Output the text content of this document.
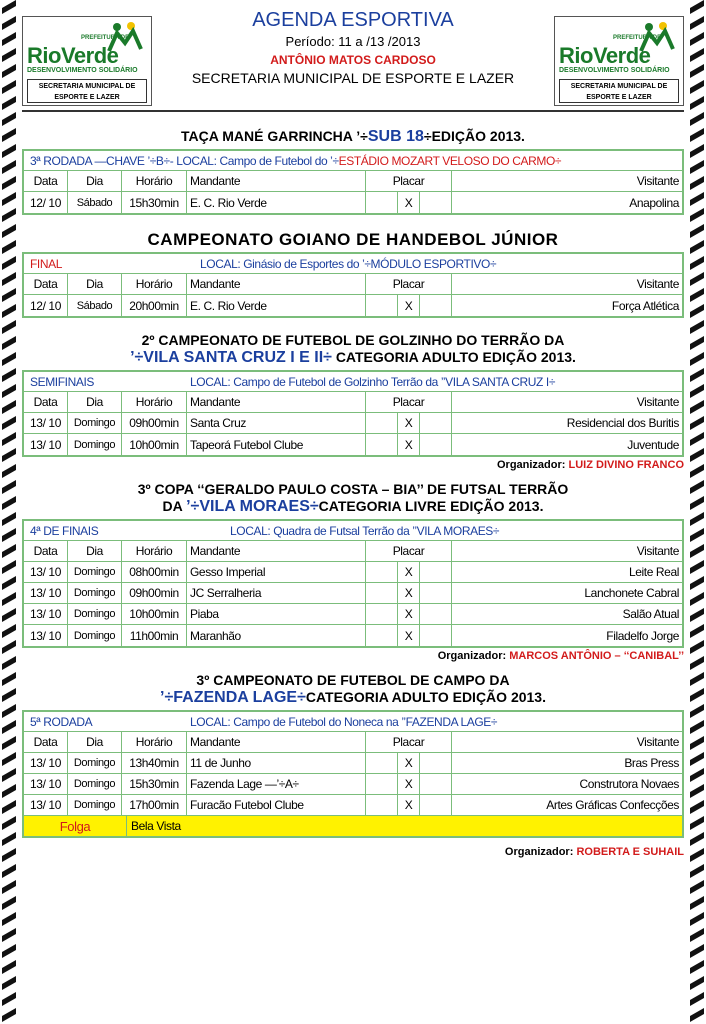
PREFEITURA DE
RioVerde
DESENVOLVIMENTO SOLIDÁRIO
SECRETARIA MUNICIPAL DE ESPORTE E LAZER
AGENDA ESPORTIVA
Período: 11 a /13 /2013
ANTÔNIO MATOS CARDOSO
SECRETARIA MUNICIPAL DE ESPORTE E LAZER
PREFEITURA DE
RioVerde
DESENVOLVIMENTO SOLIDÁRIO
SECRETARIA MUNICIPAL DE ESPORTE E LAZER
TAÇA MANÉ GARRINCHA ’÷SUB 18÷EDIÇÃO 2013.
3ª RODADA —CHAVE ’÷B÷- LOCAL: Campo de Futebol do ’÷ ESTÁDIO MOZART VELOSO DO CARMO÷
Data	Dia	Horário	Mandante	Placar	Visitante
12/ 10	Sábado	15h30min E. C. Rio Verde	X	Anapolina
CAMPEONATO GOIANO DE HANDEBOL JÚNIOR
FINAL	LOCAL: Ginásio de Esportes do ’÷MÓDULO ESPORTIVO÷
Data	Dia	Horário	Mandante	Placar	Visitante
12/ 10	Sábado	20h00min E. C. Rio Verde	X	Força Atlética
2º CAMPEONATO DE FUTEBOL DE GOLZINHO DO TERRÃO DA
’÷VILA SANTA CRUZ I E II÷ CATEGORIA ADULTO EDIÇÃO 2013.
SEMIFINAIS	LOCAL: Campo de Futebol de Golzinho Terrão da ’’VILA SANTA CRUZ I÷
Data	Dia	Horário	Mandante	Placar	Visitante
13/ 10	Domingo	09h00min Santa Cruz	X	Residencial dos Buritis
13/ 10	Domingo	10h00min Tapeorá Futebol Clube	X	Juventude
Organizador: LUIZ DIVINO FRANCO
3º COPA ‘‘GERALDO PAULO COSTA – BIA’’ DE FUTSAL TERRÃO
DA ’÷VILA MORAES÷CATEGORIA LIVRE EDIÇÃO 2013.
4ª DE FINAIS	LOCAL: Quadra de Futsal Terrão da ’’VILA MORAES÷
Data	Dia	Horário	Mandante	Placar	Visitante
13/ 10	Domingo	08h00min Gesso Imperial	X	Leite Real
13/ 10	Domingo	09h00min JC Serralheria	X	Lanchonete Cabral
13/ 10	Domingo	10h00min Piaba	X	Salão Atual
13/ 10	Domingo	11h00min Maranhão	X	Filadelfo Jorge
Organizador: MARCOS ANTÔNIO – ‘‘CANIBAL’’
3º CAMPEONATO DE FUTEBOL DE CAMPO DA
’÷FAZENDA LAGE÷CATEGORIA ADULTO EDIÇÃO 2013.
5ª RODADA	LOCAL: Campo de Futebol do Noneca na ’’FAZENDA LAGE÷
Data	Dia	Horário	Mandante	Placar	Visitante
13/ 10	Domingo	13h40min 11 de Junho	X	Bras Press
13/ 10	Domingo	15h30min Fazenda Lage —’÷A÷	X	Construtora Novaes
13/ 10	Domingo	17h00min Furacão Futebol Clube	X	Artes Gráficas Confecções
Folga	Bela Vista
Organizador: ROBERTA E SUHAIL
